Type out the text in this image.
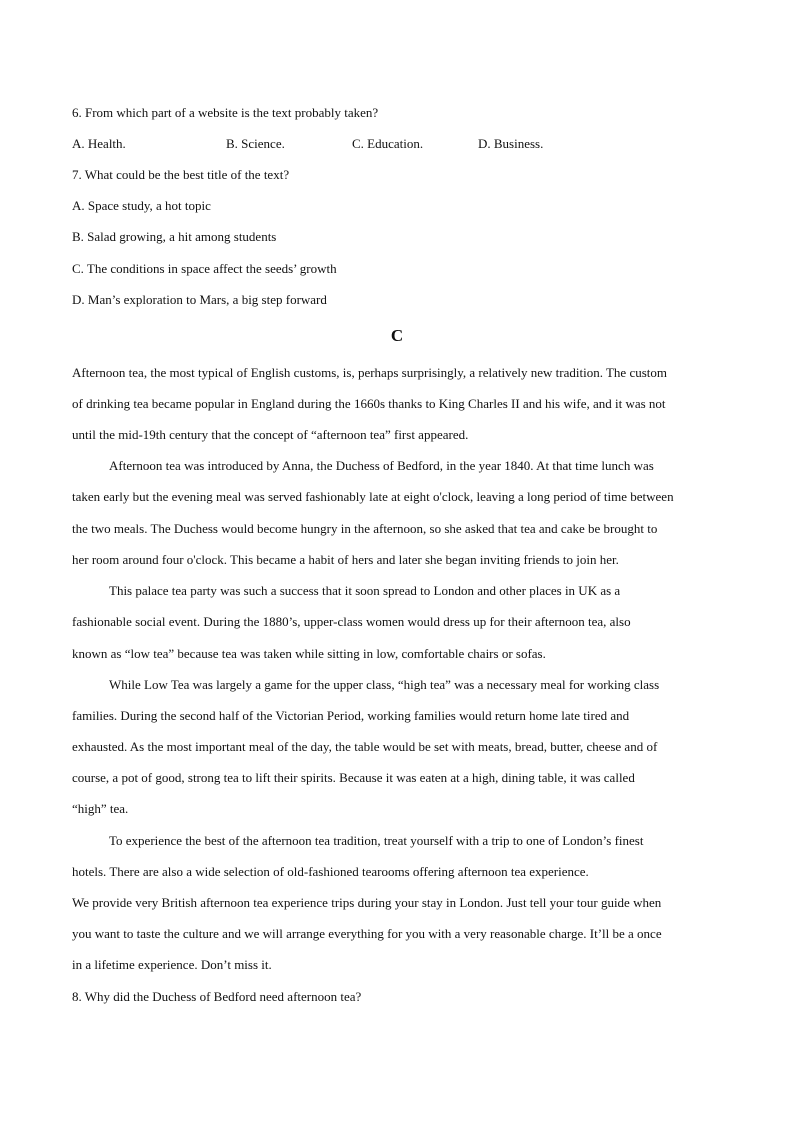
6. From which part of a website is the text probably taken?
A. Health.	B. Science.	C. Education.	D. Business.
7. What could be the best title of the text?
A. Space study, a hot topic
B. Salad growing, a hit among students
C. The conditions in space affect the seeds’ growth
D. Man’s exploration to Mars, a big step forward
C
Afternoon tea, the most typical of English customs, is, perhaps surprisingly, a relatively new tradition. The custom
of drinking tea became popular in England during the 1660s thanks to King Charles II and his wife, and it was not
until the mid-19th century that the concept of “afternoon tea” first appeared.
Afternoon tea was introduced by Anna, the Duchess of Bedford, in the year 1840. At that time lunch was
taken early but the evening meal was served fashionably late at eight o'clock, leaving a long period of time between
the two meals. The Duchess would become hungry in the afternoon, so she asked that tea and cake be brought to
her room around four o'clock. This became a habit of hers and later she began inviting friends to join her.
This palace tea party was such a success that it soon spread to London and other places in UK as a
fashionable social event. During the 1880’s, upper-class women would dress up for their afternoon tea, also
known as “low tea” because tea was taken while sitting in low, comfortable chairs or sofas.
While Low Tea was largely a game for the upper class, “high tea” was a necessary meal for working class
families. During the second half of the Victorian Period, working families would return home late tired and
exhausted. As the most important meal of the day, the table would be set with meats, bread, butter, cheese and of
course, a pot of good, strong tea to lift their spirits. Because it was eaten at a high, dining table, it was called
“high” tea.
To experience the best of the afternoon tea tradition, treat yourself with a trip to one of London’s finest
hotels. There are also a wide selection of old-fashioned tearooms offering afternoon tea experience.
We provide very British afternoon tea experience trips during your stay in London. Just tell your tour guide when
you want to taste the culture and we will arrange everything for you with a very reasonable charge. It’ll be a once
in a lifetime experience. Don’t miss it.
8. Why did the Duchess of Bedford need afternoon tea?
